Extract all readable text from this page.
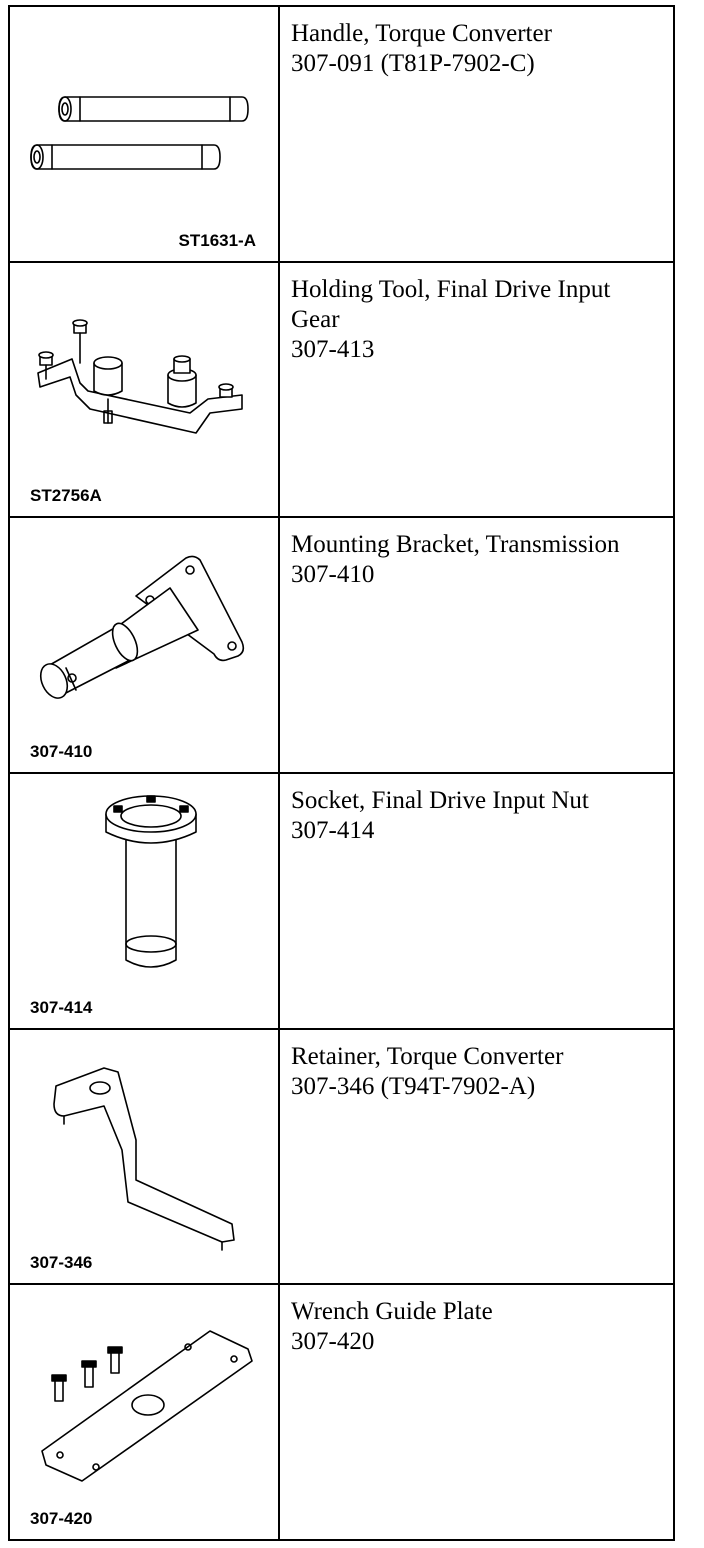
ST1631-A	Handle, Torque Converter
307-091 (T81P-7902-C)

ST2756A	Holding Tool, Final Drive Input
Gear
307-413

307-410	Mounting Bracket, Transmission
307-410

307-414	Socket, Final Drive Input Nut
307-414

307-346	Retainer, Torque Converter
307-346 (T94T-7902-A)

307-420	Wrench Guide Plate
307-420
